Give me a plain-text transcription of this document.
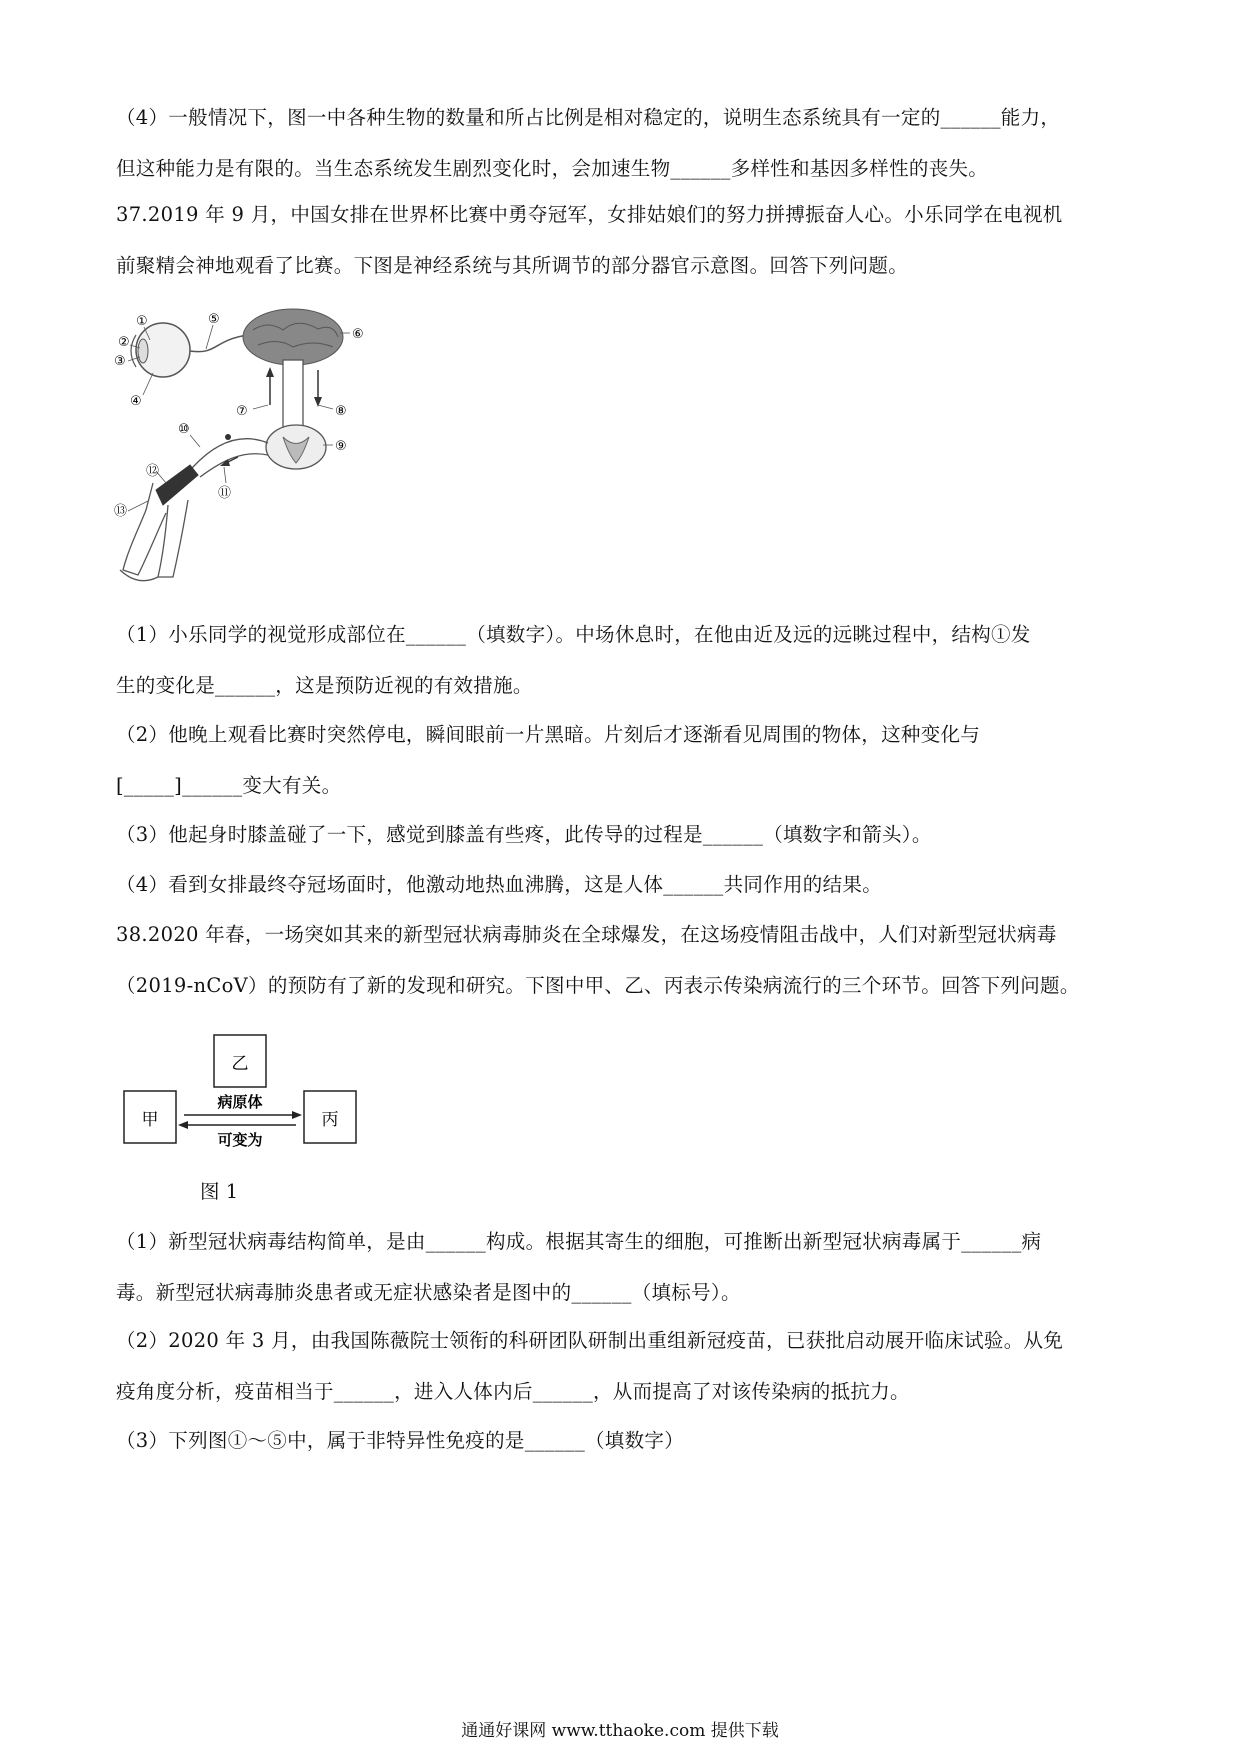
（4）一般情况下，图一中各种生物的数量和所占比例是相对稳定的，说明生态系统具有一定的______能力，
但这种能力是有限的。当生态系统发生剧烈变化时，会加速生物______多样性和基因多样性的丧失。
37.2019 年 9 月，中国女排在世界杯比赛中勇夺冠军，女排姑娘们的努力拼搏振奋人心。小乐同学在电视机
前聚精会神地观看了比赛。下图是神经系统与其所调节的部分器官示意图。回答下列问题。
①
②
③
④
⑤
⑥
⑦	⑧
⑨
⑩
⑪
⑫
⑬
（1）小乐同学的视觉形成部位在______（填数字）。中场休息时，在他由近及远的远眺过程中，结构①发
生的变化是______，这是预防近视的有效措施。
（2）他晚上观看比赛时突然停电，瞬间眼前一片黑暗。片刻后才逐渐看见周围的物体，这种变化与
[_____]______变大有关。
（3）他起身时膝盖碰了一下，感觉到膝盖有些疼，此传导的过程是______（填数字和箭头）。
（4）看到女排最终夺冠场面时，他激动地热血沸腾，这是人体______共同作用的结果。
38.2020 年春，一场突如其来的新型冠状病毒肺炎在全球爆发，在这场疫情阻击战中，人们对新型冠状病毒
（2019-nCoV）的预防有了新的发现和研究。下图中甲、乙、丙表示传染病流行的三个环节。回答下列问题。
乙
甲	丙
病原体
可变为
图 1
（1）新型冠状病毒结构简单，是由______构成。根据其寄生的细胞，可推断出新型冠状病毒属于______病
毒。新型冠状病毒肺炎患者或无症状感染者是图中的______（填标号）。
（2）2020 年 3 月，由我国陈薇院士领衔的科研团队研制出重组新冠疫苗，已获批启动展开临床试验。从免
疫角度分析，疫苗相当于______，进入人体内后______，从而提高了对该传染病的抵抗力。
（3）下列图①～⑤中，属于非特异性免疫的是______（填数字）
通通好课网 www.tthaoke.com 提供下载
